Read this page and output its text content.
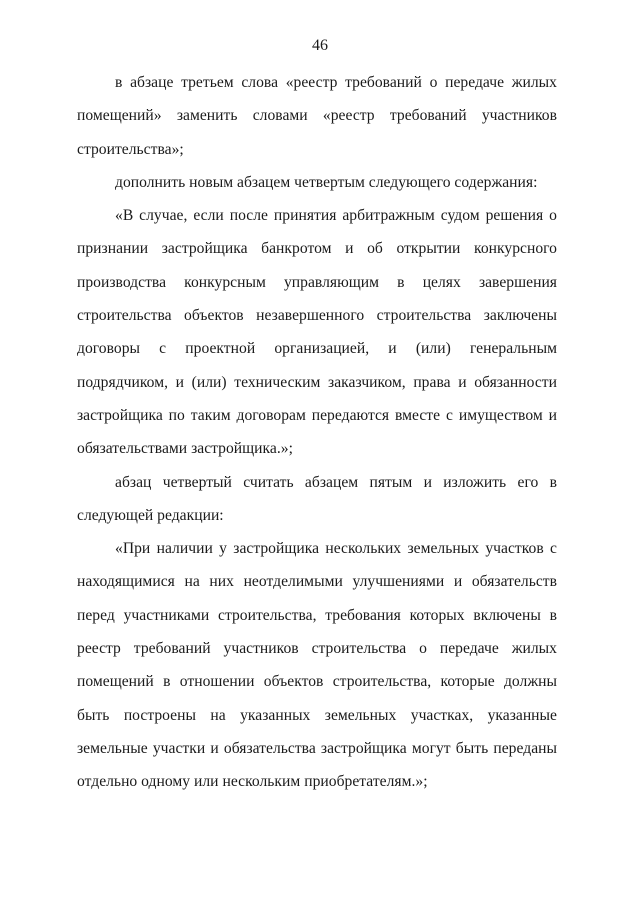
46

в абзаце третьем слова «реестр требований о передаче жилых помещений» заменить словами «реестр требований участников строительства»;

дополнить новым абзацем четвертым следующего содержания:

«В случае, если после принятия арбитражным судом решения о признании застройщика банкротом и об открытии конкурсного производства конкурсным управляющим в целях завершения строительства объектов незавершенного строительства заключены договоры с проектной организацией, и (или) генеральным подрядчиком, и (или) техническим заказчиком, права и обязанности застройщика по таким договорам передаются вместе с имуществом и обязательствами застройщика.»;

абзац четвертый считать абзацем пятым и изложить его в следующей редакции:

«При наличии у застройщика нескольких земельных участков с находящимися на них неотделимыми улучшениями и обязательств перед участниками строительства, требования которых включены в реестр требований участников строительства о передаче жилых помещений в отношении объектов строительства, которые должны быть построены на указанных земельных участках, указанные земельные участки и обязательства застройщика могут быть переданы отдельно одному или нескольким приобретателям.»;
